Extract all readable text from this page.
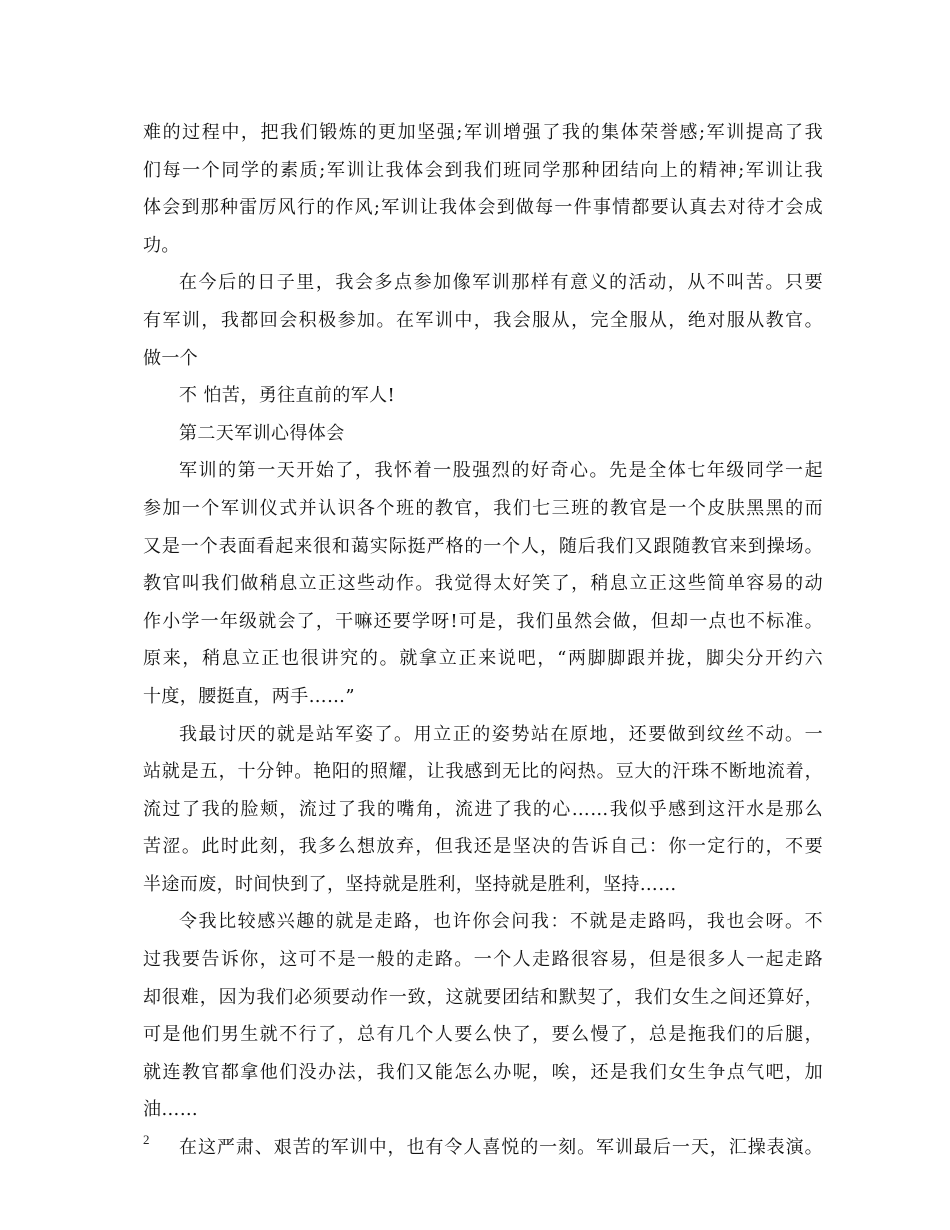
难的过程中，把我们锻炼的更加坚强;军训增强了我的集体荣誉感;军训提高了我
们每一个同学的素质;军训让我体会到我们班同学那种团结向上的精神;军训让我
体会到那种雷厉风行的作风;军训让我体会到做每一件事情都要认真去对待才会成
功。
在今后的日子里，我会多点参加像军训那样有意义的活动，从不叫苦。只要
有军训，我都回会积极参加。在军训中，我会服从，完全服从，绝对服从教官。
做一个
不 怕苦，勇往直前的军人!
第二天军训心得体会
军训的第一天开始了，我怀着一股强烈的好奇心。先是全体七年级同学一起
参加一个军训仪式并认识各个班的教官，我们七三班的教官是一个皮肤黑黑的而
又是一个表面看起来很和蔼实际挺严格的一个人，随后我们又跟随教官来到操场。
教官叫我们做稍息立正这些动作。我觉得太好笑了，稍息立正这些简单容易的动
作小学一年级就会了，干嘛还要学呀!可是，我们虽然会做，但却一点也不标准。
原来，稍息立正也很讲究的。就拿立正来说吧，“两脚脚跟并拢，脚尖分开约六
十度，腰挺直，两手……”
我最讨厌的就是站军姿了。用立正的姿势站在原地，还要做到纹丝不动。一
站就是五，十分钟。艳阳的照耀，让我感到无比的闷热。豆大的汗珠不断地流着，
流过了我的脸颊，流过了我的嘴角，流进了我的心……我似乎感到这汗水是那么
苦涩。此时此刻，我多么想放弃，但我还是坚决的告诉自己：你一定行的，不要
半途而废，时间快到了，坚持就是胜利，坚持就是胜利，坚持……
令我比较感兴趣的就是走路，也许你会问我：不就是走路吗，我也会呀。不
过我要告诉你，这可不是一般的走路。一个人走路很容易，但是很多人一起走路
却很难，因为我们必须要动作一致，这就要团结和默契了，我们女生之间还算好，
可是他们男生就不行了，总有几个人要么快了，要么慢了，总是拖我们的后腿，
就连教官都拿他们没办法，我们又能怎么办呢，唉，还是我们女生争点气吧，加
油……
在这严肃、艰苦的军训中，也有令人喜悦的一刻。军训最后一天，汇操表演。
2
